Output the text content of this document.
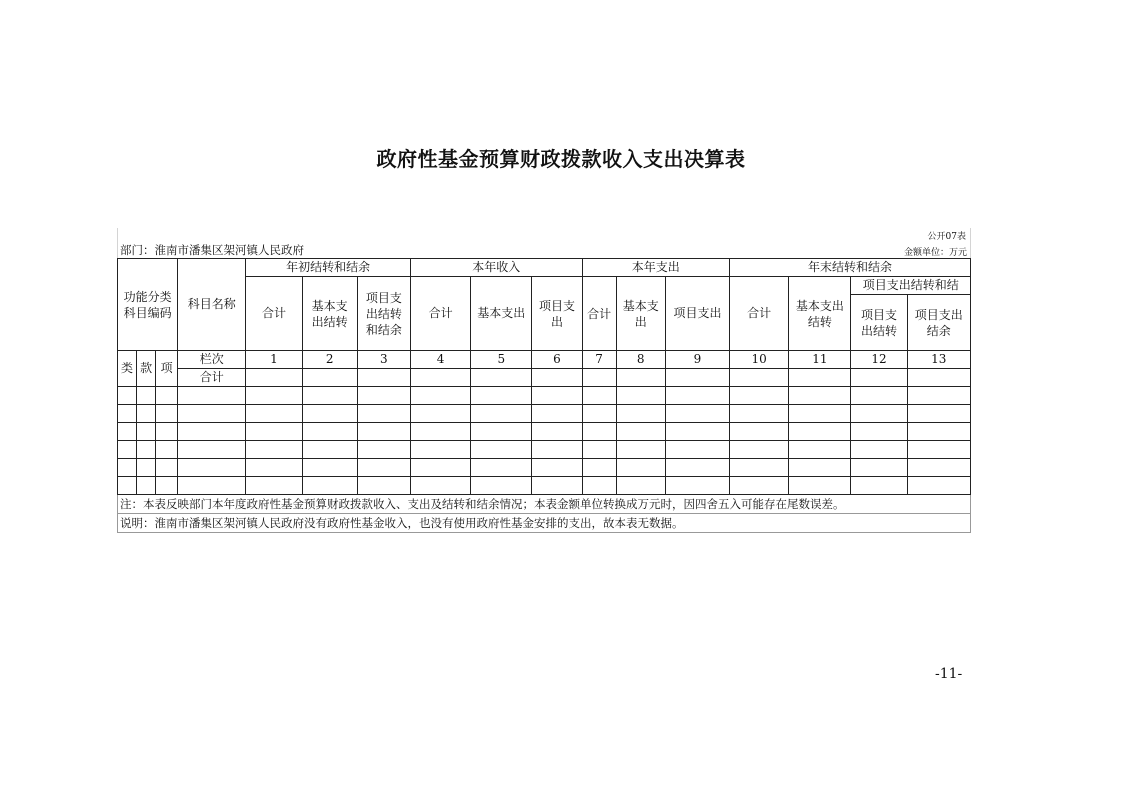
政府性基金预算财政拨款收入支出决算表
公开07表
部门：淮南市潘集区架河镇人民政府	金额单位：万元
功能分类科目编码			科目名称	年初结转和结余			本年收入			本年支出			年末结转和结余			
				合计	基本支出结转	项目支出结转和结余	合计	基本支出	项目支出	合计	基本支出	项目支出	合计	基本支出结转	项目支出结转和结	
															项目支出结转	项目支出结余
类	款	项	栏次	1	2	3	4	5	6	7	8	9	10	11	12	13
			合计													

注：本表反映部门本年度政府性基金预算财政拨款收入、支出及结转和结余情况；本表金额单位转换成万元时，因四舍五入可能存在尾数误差。
说明：淮南市潘集区架河镇人民政府没有政府性基金收入，也没有使用政府性基金安排的支出，故本表无数据。
-11-
